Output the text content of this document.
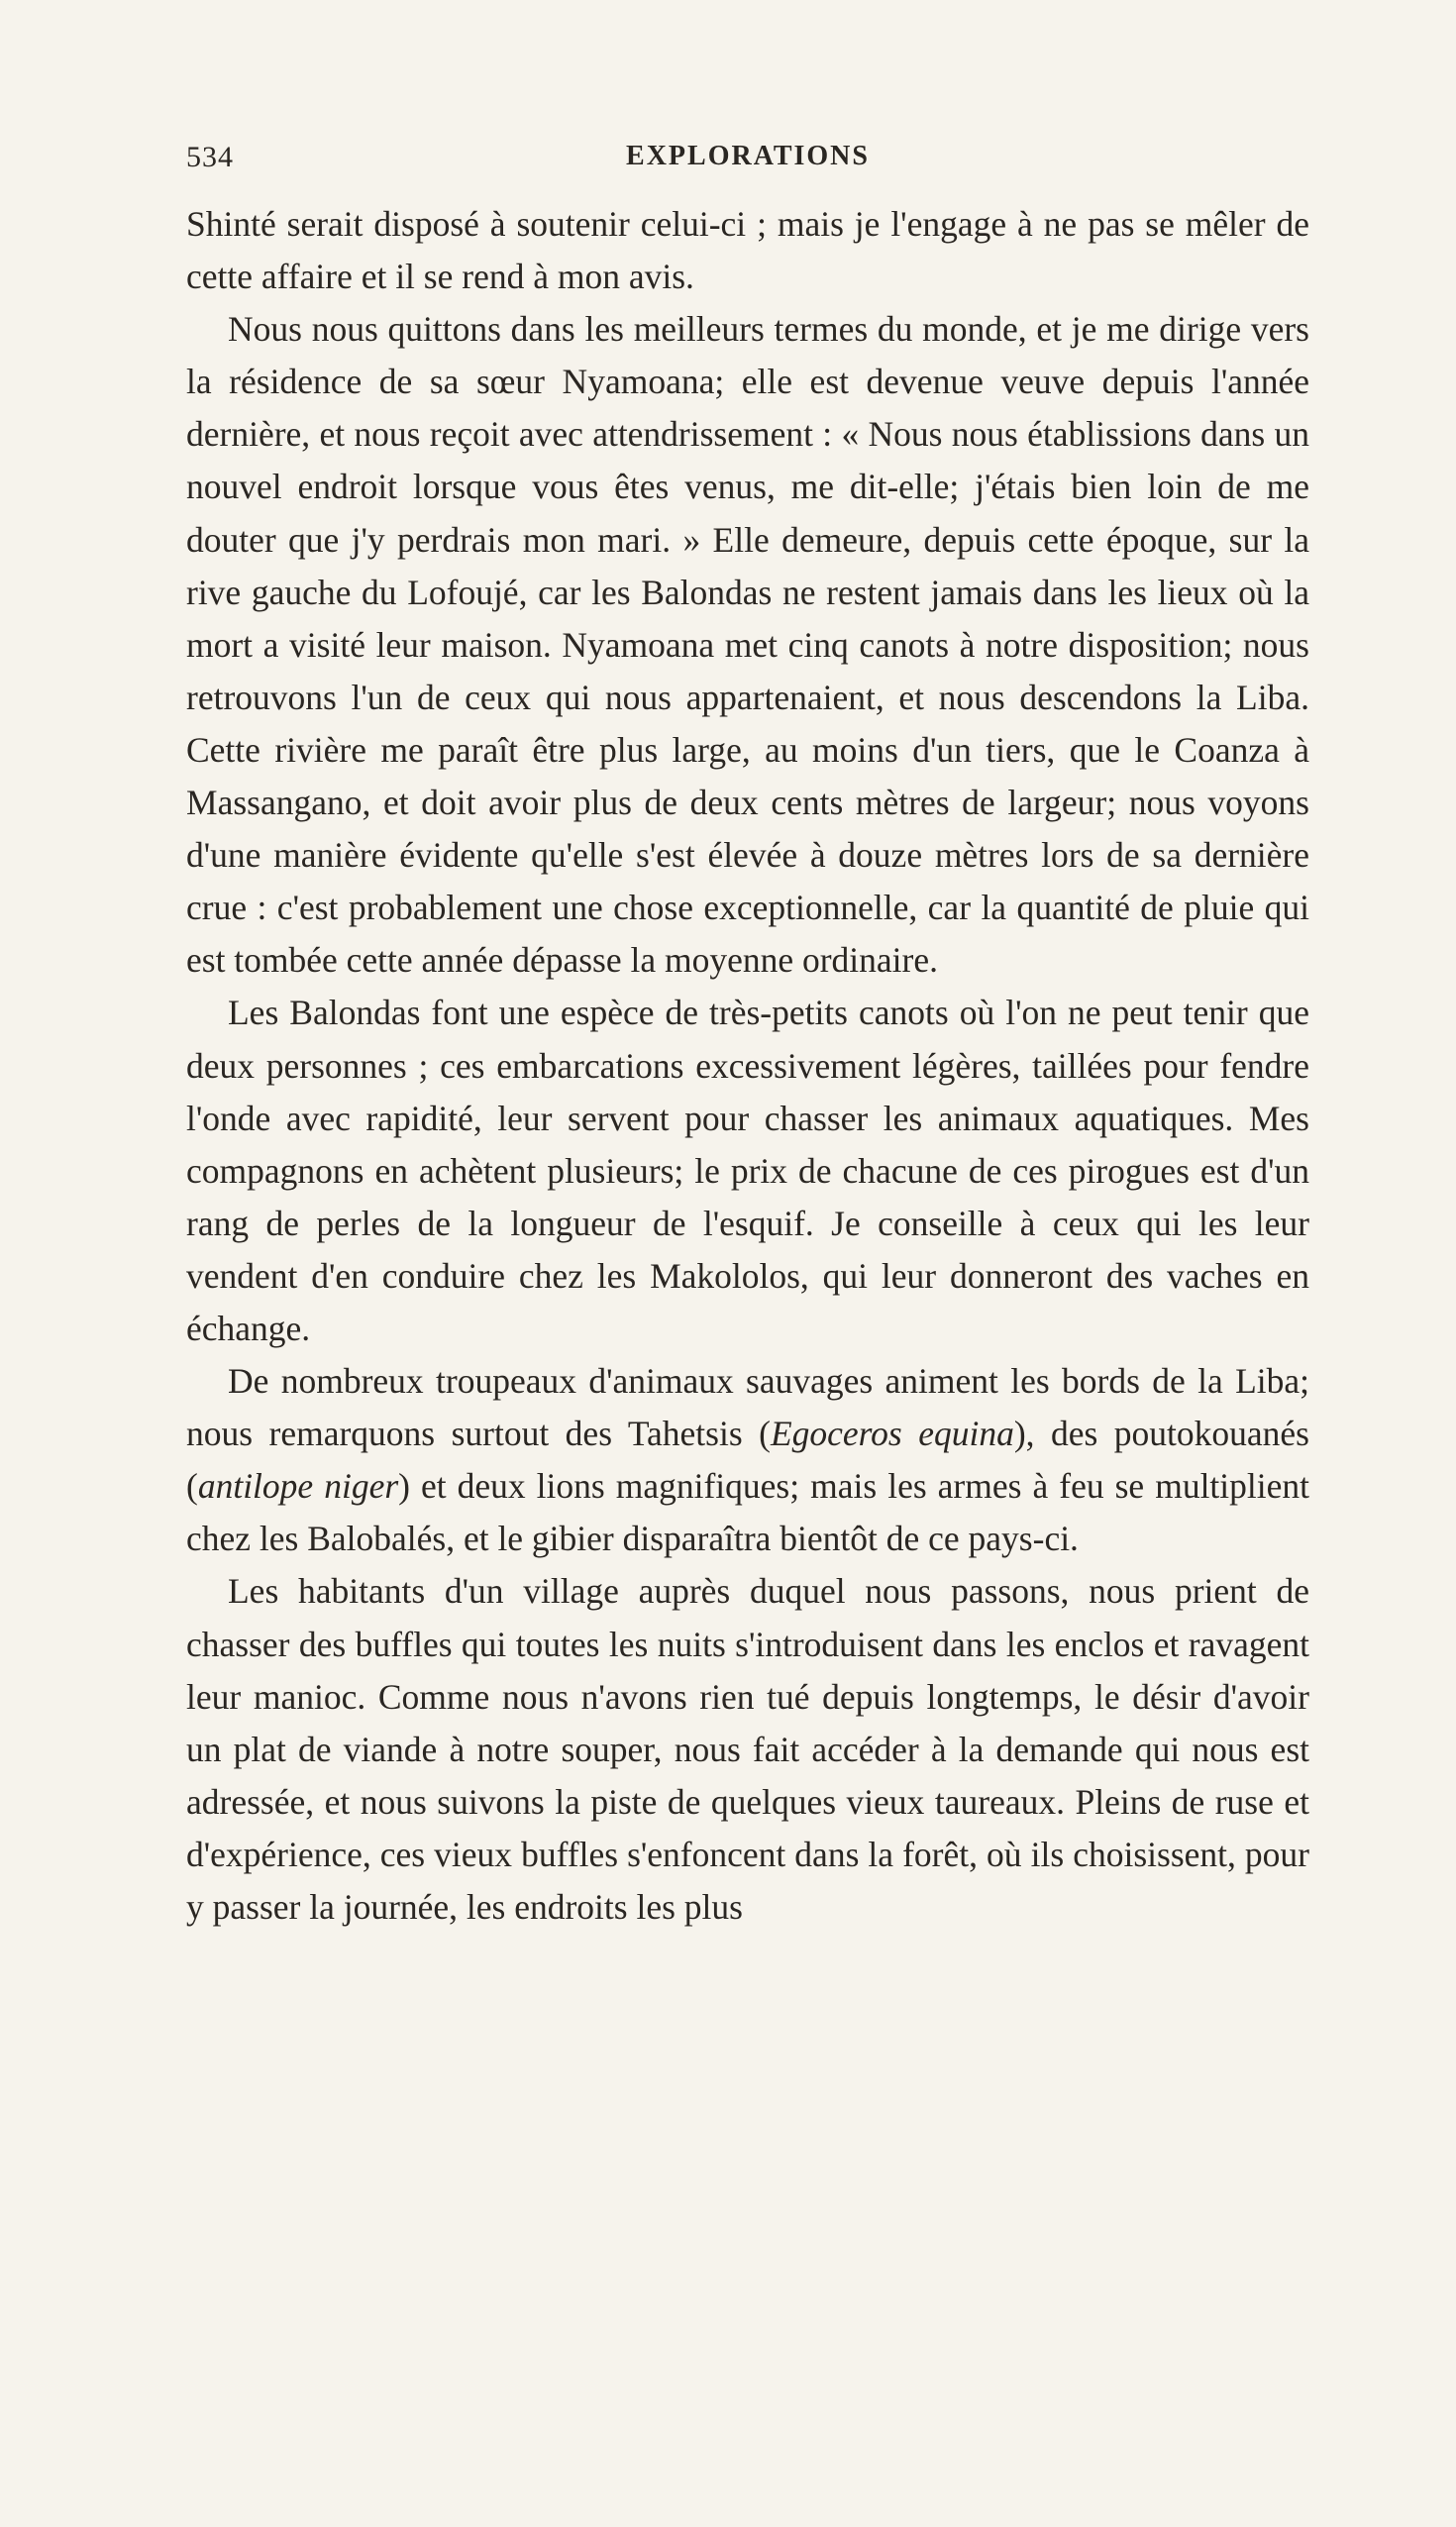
534	EXPLORATIONS

Shinté serait disposé à soutenir celui-ci ; mais je l'engage à ne pas se mêler de cette affaire et il se rend à mon avis.

Nous nous quittons dans les meilleurs termes du monde, et je me dirige vers la résidence de sa sœur Nyamoana; elle est devenue veuve depuis l'année dernière, et nous reçoit avec attendrissement : « Nous nous établissions dans un nouvel endroit lorsque vous êtes venus, me dit-elle; j'étais bien loin de me douter que j'y perdrais mon mari. » Elle demeure, depuis cette époque, sur la rive gauche du Lofoujé, car les Balondas ne restent jamais dans les lieux où la mort a visité leur maison. Nyamoana met cinq canots à notre disposition; nous retrouvons l'un de ceux qui nous appartenaient, et nous descendons la Liba. Cette rivière me paraît être plus large, au moins d'un tiers, que le Coanza à Massangano, et doit avoir plus de deux cents mètres de largeur; nous voyons d'une manière évidente qu'elle s'est élevée à douze mètres lors de sa dernière crue : c'est probablement une chose exceptionnelle, car la quantité de pluie qui est tombée cette année dépasse la moyenne ordinaire.

Les Balondas font une espèce de très-petits canots où l'on ne peut tenir que deux personnes ; ces embarcations excessivement légères, taillées pour fendre l'onde avec rapidité, leur servent pour chasser les animaux aquatiques. Mes compagnons en achètent plusieurs; le prix de chacune de ces pirogues est d'un rang de perles de la longueur de l'esquif. Je conseille à ceux qui les leur vendent d'en conduire chez les Makololos, qui leur donneront des vaches en échange.

De nombreux troupeaux d'animaux sauvages animent les bords de la Liba; nous remarquons surtout des Tahetsis (Egoceros equina), des poutokouanés (antilope niger) et deux lions magnifiques; mais les armes à feu se multiplient chez les Balobalés, et le gibier disparaîtra bientôt de ce pays-ci.

Les habitants d'un village auprès duquel nous passons, nous prient de chasser des buffles qui toutes les nuits s'introduisent dans les enclos et ravagent leur manioc. Comme nous n'avons rien tué depuis longtemps, le désir d'avoir un plat de viande à notre souper, nous fait accéder à la demande qui nous est adressée, et nous suivons la piste de quelques vieux taureaux. Pleins de ruse et d'expérience, ces vieux buffles s'enfoncent dans la forêt, où ils choisissent, pour y passer la journée, les endroits les plus
